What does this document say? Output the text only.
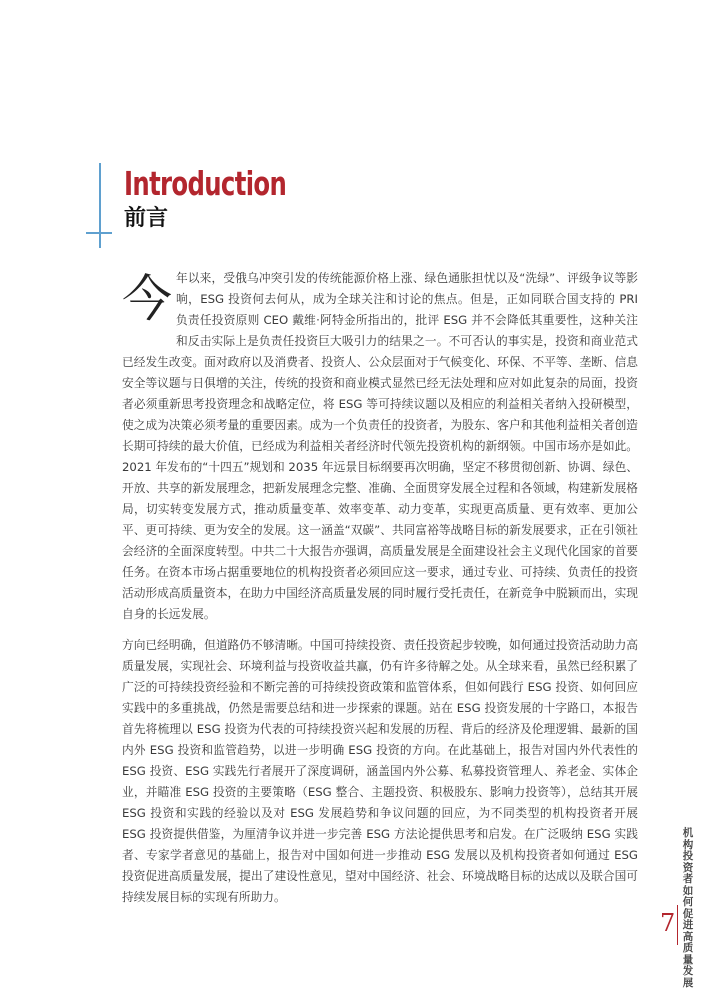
Introduction
前言

今年以来，受俄乌冲突引发的传统能源价格上涨、绿色通胀担忧以及“洗绿”、评级争议等影响，ESG 投资何去何从，成为全球关注和讨论的焦点。但是，正如同联合国支持的 PRI 负责任投资原则 CEO 戴维·阿特金所指出的，批评 ESG 并不会降低其重要性，这种关注和反击实际上是负责任投资巨大吸引力的结果之一。不可否认的事实是，投资和商业范式已经发生改变。面对政府以及消费者、投资人、公众层面对于气候变化、环保、不平等、垄断、信息安全等议题与日俱增的关注，传统的投资和商业模式显然已经无法处理和应对如此复杂的局面，投资者必须重新思考投资理念和战略定位，将 ESG 等可持续议题以及相应的利益相关者纳入投研模型，使之成为决策必须考量的重要因素。成为一个负责任的投资者，为股东、客户和其他利益相关者创造长期可持续的最大价值，已经成为利益相关者经济时代领先投资机构的新纲领。中国市场亦是如此。2021 年发布的“十四五”规划和 2035 年远景目标纲要再次明确，坚定不移贯彻创新、协调、绿色、开放、共享的新发展理念，把新发展理念完整、准确、全面贯穿发展全过程和各领域，构建新发展格局，切实转变发展方式，推动质量变革、效率变革、动力变革，实现更高质量、更有效率、更加公平、更可持续、更为安全的发展。这一涵盖“双碳”、共同富裕等战略目标的新发展要求，正在引领社会经济的全面深度转型。中共二十大报告亦强调，高质量发展是全面建设社会主义现代化国家的首要任务。在资本市场占据重要地位的机构投资者必须回应这一要求，通过专业、可持续、负责任的投资活动形成高质量资本，在助力中国经济高质量发展的同时履行受托责任，在新竞争中脱颖而出，实现自身的长远发展。

方向已经明确，但道路仍不够清晰。中国可持续投资、责任投资起步较晚，如何通过投资活动助力高质量发展，实现社会、环境利益与投资收益共赢，仍有许多待解之处。从全球来看，虽然已经积累了广泛的可持续投资经验和不断完善的可持续投资政策和监管体系，但如何践行 ESG 投资、如何回应实践中的多重挑战，仍然是需要总结和进一步探索的课题。站在 ESG 投资发展的十字路口，本报告首先将梳理以 ESG 投资为代表的可持续投资兴起和发展的历程、背后的经济及伦理逻辑、最新的国内外 ESG 投资和监管趋势，以进一步明确 ESG 投资的方向。在此基础上，报告对国内外代表性的 ESG 投资、ESG 实践先行者展开了深度调研，涵盖国内外公募、私募投资管理人、养老金、实体企业，并瞄准 ESG 投资的主要策略（ESG 整合、主题投资、积极股东、影响力投资等），总结其开展 ESG 投资和实践的经验以及对 ESG 发展趋势和争议问题的回应，为不同类型的机构投资者开展 ESG 投资提供借鉴，为厘清争议并进一步完善 ESG 方法论提供思考和启发。在广泛吸纳 ESG 实践者、专家学者意见的基础上，报告对中国如何进一步推动 ESG 发展以及机构投资者如何通过 ESG 投资促进高质量发展，提出了建设性意见，望对中国经济、社会、环境战略目标的达成以及联合国可持续发展目标的实现有所助力。

机构投资者如何促进高质量发展
7
